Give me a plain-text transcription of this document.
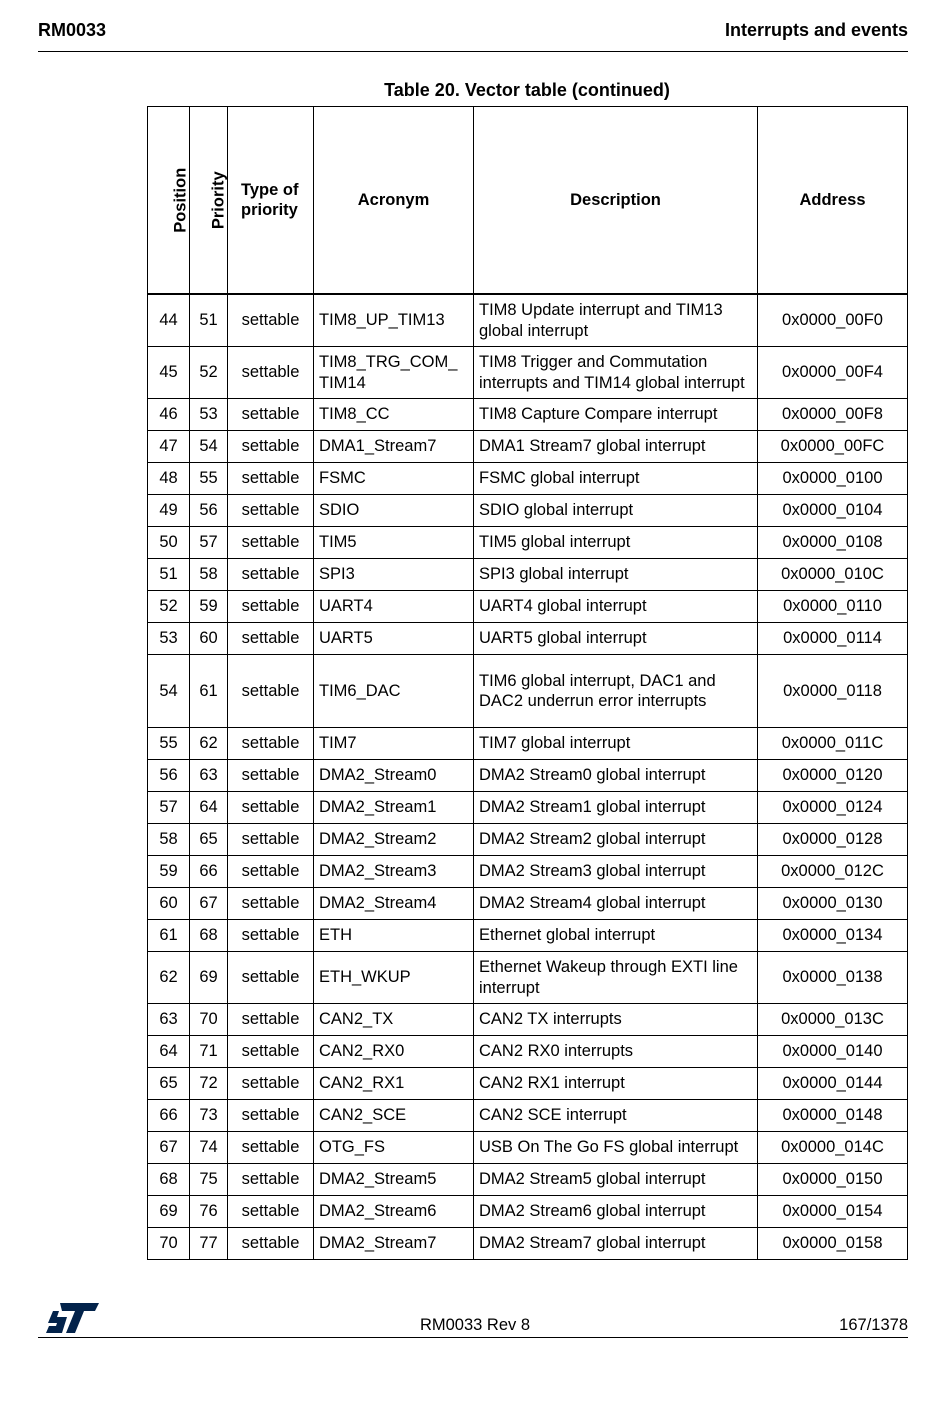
RM0033	Interrupts and events
Table 20. Vector table (continued)
Position	Priority	Type of priority	Acronym	Description	Address
44	51	settable	TIM8_UP_TIM13	TIM8 Update interrupt and TIM13 global interrupt	0x0000_00F0
45	52	settable	TIM8_TRG_COM_ TIM14	TIM8 Trigger and Commutation interrupts and TIM14 global interrupt	0x0000_00F4
46	53	settable	TIM8_CC	TIM8 Capture Compare interrupt	0x0000_00F8
47	54	settable	DMA1_Stream7	DMA1 Stream7 global interrupt	0x0000_00FC
48	55	settable	FSMC	FSMC global interrupt	0x0000_0100
49	56	settable	SDIO	SDIO global interrupt	0x0000_0104
50	57	settable	TIM5	TIM5 global interrupt	0x0000_0108
51	58	settable	SPI3	SPI3 global interrupt	0x0000_010C
52	59	settable	UART4	UART4 global interrupt	0x0000_0110
53	60	settable	UART5	UART5 global interrupt	0x0000_0114
54	61	settable	TIM6_DAC	TIM6 global interrupt, DAC1 and DAC2 underrun error interrupts	0x0000_0118
55	62	settable	TIM7	TIM7 global interrupt	0x0000_011C
56	63	settable	DMA2_Stream0	DMA2 Stream0 global interrupt	0x0000_0120
57	64	settable	DMA2_Stream1	DMA2 Stream1 global interrupt	0x0000_0124
58	65	settable	DMA2_Stream2	DMA2 Stream2 global interrupt	0x0000_0128
59	66	settable	DMA2_Stream3	DMA2 Stream3 global interrupt	0x0000_012C
60	67	settable	DMA2_Stream4	DMA2 Stream4 global interrupt	0x0000_0130
61	68	settable	ETH	Ethernet global interrupt	0x0000_0134
62	69	settable	ETH_WKUP	Ethernet Wakeup through EXTI line interrupt	0x0000_0138
63	70	settable	CAN2_TX	CAN2 TX interrupts	0x0000_013C
64	71	settable	CAN2_RX0	CAN2 RX0 interrupts	0x0000_0140
65	72	settable	CAN2_RX1	CAN2 RX1 interrupt	0x0000_0144
66	73	settable	CAN2_SCE	CAN2 SCE interrupt	0x0000_0148
67	74	settable	OTG_FS	USB On The Go FS global interrupt	0x0000_014C
68	75	settable	DMA2_Stream5	DMA2 Stream5 global interrupt	0x0000_0150
69	76	settable	DMA2_Stream6	DMA2 Stream6 global interrupt	0x0000_0154
70	77	settable	DMA2_Stream7	DMA2 Stream7 global interrupt	0x0000_0158
RM0033 Rev 8	167/1378
